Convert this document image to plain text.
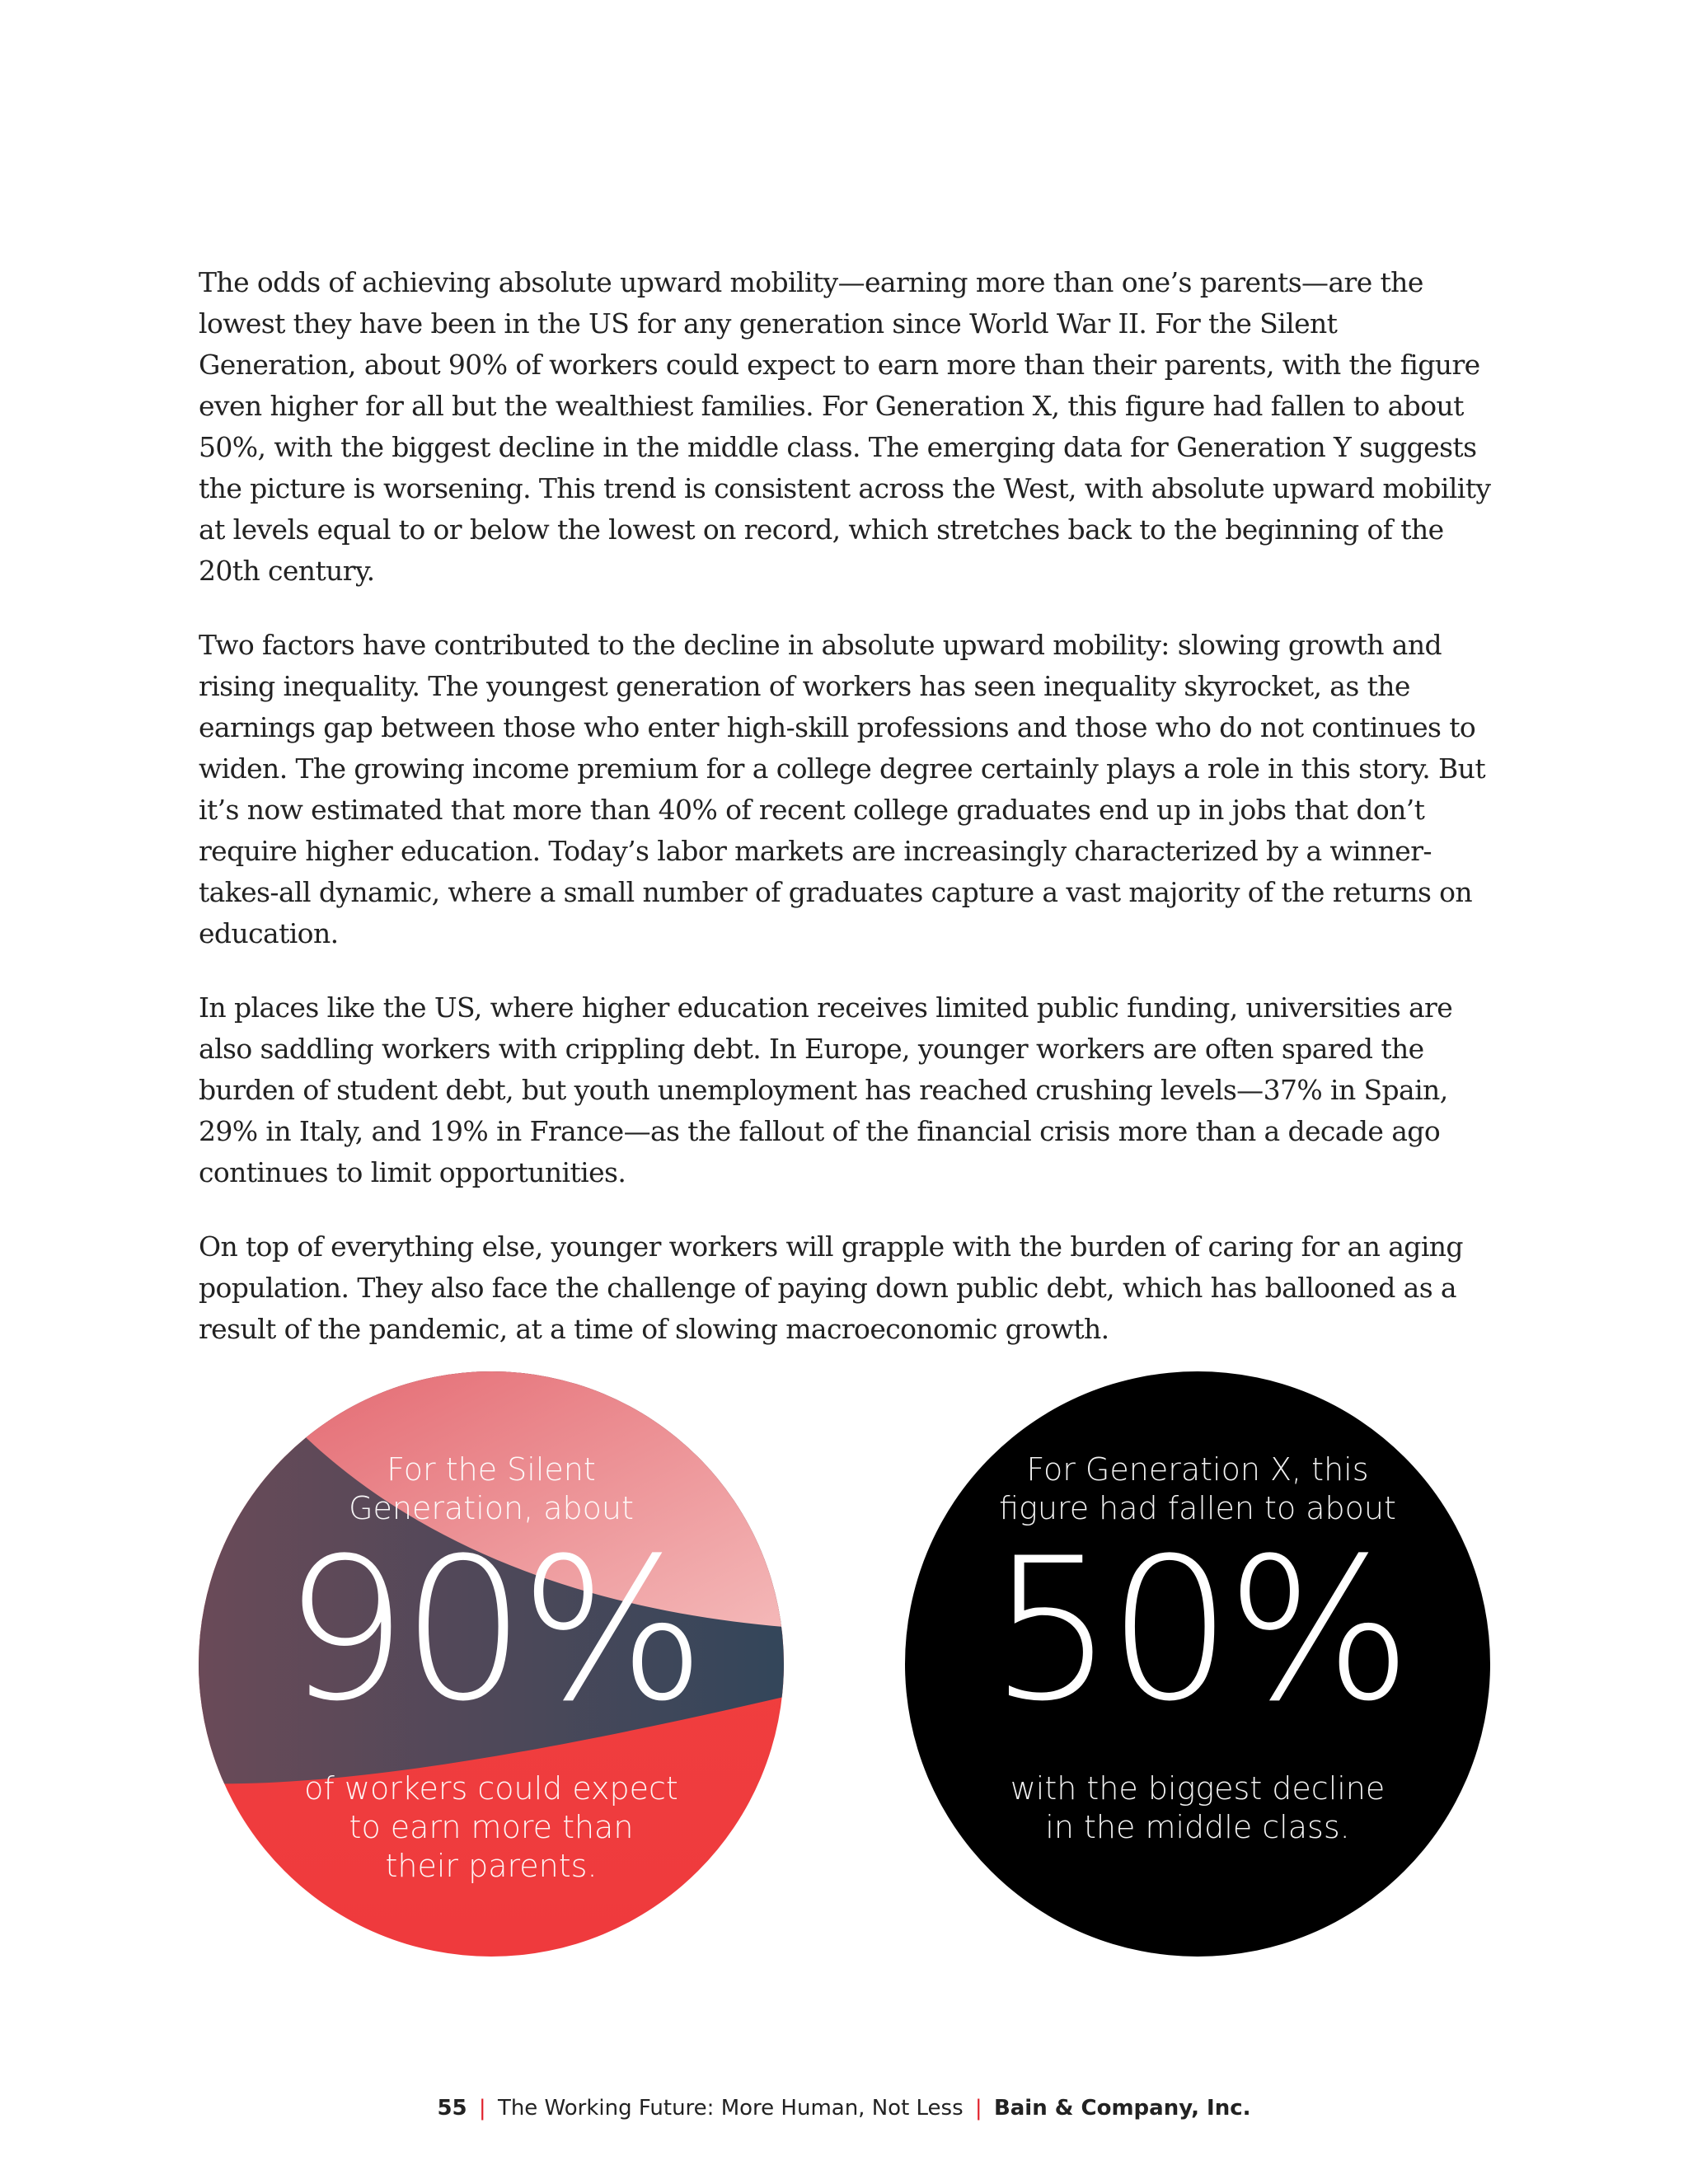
The odds of achieving absolute upward mobility—earning more than one’s parents—are the lowest they have been in the US for any generation since World War II. For the Silent Generation, about 90% of workers could expect to earn more than their parents, with the figure even higher for all but the wealthiest families. For Generation X, this figure had fallen to about 50%, with the biggest decline in the middle class. The emerging data for Generation Y suggests the picture is worsening. This trend is consistent across the West, with absolute upward mobility at levels equal to or below the lowest on record, which stretches back to the beginning of the 20th century.

Two factors have contributed to the decline in absolute upward mobility: slowing growth and rising inequality. The youngest generation of workers has seen inequality skyrocket, as the earnings gap between those who enter high-skill professions and those who do not continues to widen. The growing income premium for a college degree certainly plays a role in this story. But it’s now estimated that more than 40% of recent college graduates end up in jobs that don’t require higher education. Today’s labor markets are increasingly characterized by a winner-takes-all dynamic, where a small number of graduates capture a vast majority of the returns on education.

In places like the US, where higher education receives limited public funding, universities are also saddling workers with crippling debt. In Europe, younger workers are often spared the burden of student debt, but youth unemployment has reached crushing levels—37% in Spain, 29% in Italy, and 19% in France—as the fallout of the financial crisis more than a decade ago continues to limit opportunities.

On top of everything else, younger workers will grapple with the burden of caring for an aging population. They also face the challenge of paying down public debt, which has ballooned as a result of the pandemic, at a time of slowing macroeconomic growth.

For the Silent
Generation, about
90%
of workers could expect
to earn more than
their parents.
For Generation X, this
figure had fallen to about
50%
with the biggest decline
in the middle class.
55 | The Working Future: More Human, Not Less | Bain & Company, Inc.
